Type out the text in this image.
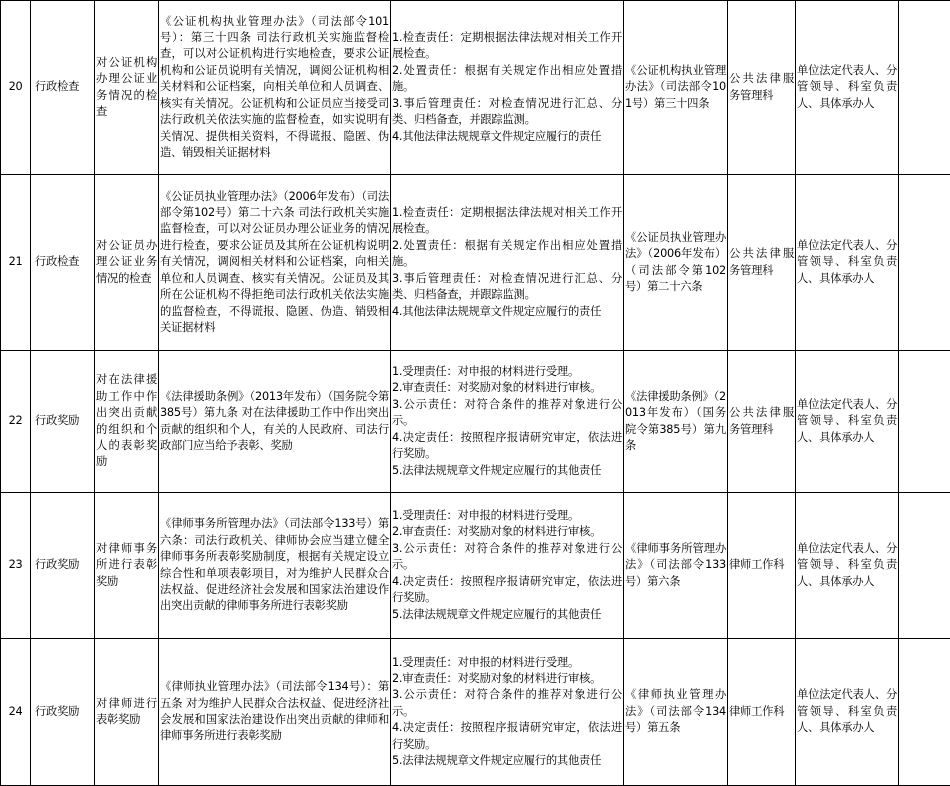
20	行政检查	对公证机构办理公证业务情况的检查	《公证机构执业管理办法》（司法部令101号）：第三十四条 司法行政机关实施监督检查，可以对公证机构进行实地检查，要求公证机构和公证员说明有关情况，调阅公证机构相关材料和公证档案，向相关单位和人员调查、核实有关情况。公证机构和公证员应当接受司法行政机关依法实施的监督检查，如实说明有关情况、提供相关资料，不得谎报、隐匿、伪造、销毁相关证据材料	1.检查责任：定期根据法律法规对相关工作开展检查。
2.处置责任：根据有关规定作出相应处置措施。
3.事后管理责任：对检查情况进行汇总、分类、归档备查，并跟踪监测。
4.其他法律法规规章文件规定应履行的责任	《公证机构执业管理办法》（司法部令101号）第三十四条	公共法律服务管理科	单位法定代表人、分管领导、科室负责人、具体承办人	
21	行政检查	对公证员办理公证业务情况的检查	《公证员执业管理办法》（2006年发布）（司法部令第102号）第二十六条 司法行政机关实施监督检查，可以对公证员办理公证业务的情况进行检查，要求公证员及其所在公证机构说明有关情况，调阅相关材料和公证档案，向相关单位和人员调查、核实有关情况。公证员及其所在公证机构不得拒绝司法行政机关依法实施的监督检查，不得谎报、隐匿、伪造、销毁相关证据材料	1.检查责任：定期根据法律法规对相关工作开展检查。
2.处置责任：根据有关规定作出相应处置措施。
3.事后管理责任：对检查情况进行汇总、分类、归档备查，并跟踪监测。
4.其他法律法规规章文件规定应履行的责任	《公证员执业管理办法》（2006年发布）（司法部令第102号）第二十六条	公共法律服务管理科	单位法定代表人、分管领导、科室负责人、具体承办人	
22	行政奖励	对在法律援助工作中作出突出贡献的组织和个人的表彰奖励	《法律援助条例》（2013年发布）（国务院令第385号）第九条 对在法律援助工作中作出突出贡献的组织和个人，有关的人民政府、司法行政部门应当给予表彰、奖励	1.受理责任：对申报的材料进行受理。
2.审查责任：对奖励对象的材料进行审核。
3.公示责任：对符合条件的推荐对象进行公示。
4.决定责任：按照程序报请研究审定，依法进行奖励。
5.法律法规规章文件规定应履行的其他责任	《法律援助条例》（2013年发布）（国务院令第385号）第九条	公共法律服务管理科	单位法定代表人、分管领导、科室负责人、具体承办人	
23	行政奖励	对律师事务所进行表彰奖励	《律师事务所管理办法》（司法部令133号）第六条：司法行政机关、律师协会应当建立健全律师事务所表彰奖励制度，根据有关规定设立综合性和单项表彰项目，对为维护人民群众合法权益、促进经济社会发展和国家法治建设作出突出贡献的律师事务所进行表彰奖励	1.受理责任：对申报的材料进行受理。
2.审查责任：对奖励对象的材料进行审核。
3.公示责任：对符合条件的推荐对象进行公示。
4.决定责任：按照程序报请研究审定，依法进行奖励。
5.法律法规规章文件规定应履行的其他责任	《律师事务所管理办法》（司法部令133号）第六条	律师工作科	单位法定代表人、分管领导、科室负责人、具体承办人	
24	行政奖励	对律师进行表彰奖励	《律师执业管理办法》（司法部令134号）：第五条 对为维护人民群众合法权益、促进经济社会发展和国家法治建设作出突出贡献的律师和律师事务所进行表彰奖励	1.受理责任：对申报的材料进行受理。
2.审查责任：对奖励对象的材料进行审核。
3.公示责任：对符合条件的推荐对象进行公示。
4.决定责任：按照程序报请研究审定，依法进行奖励。
5.法律法规规章文件规定应履行的其他责任	《律师执业管理办法》（司法部令134号）第五条	律师工作科	单位法定代表人、分管领导、科室负责人、具体承办人	
